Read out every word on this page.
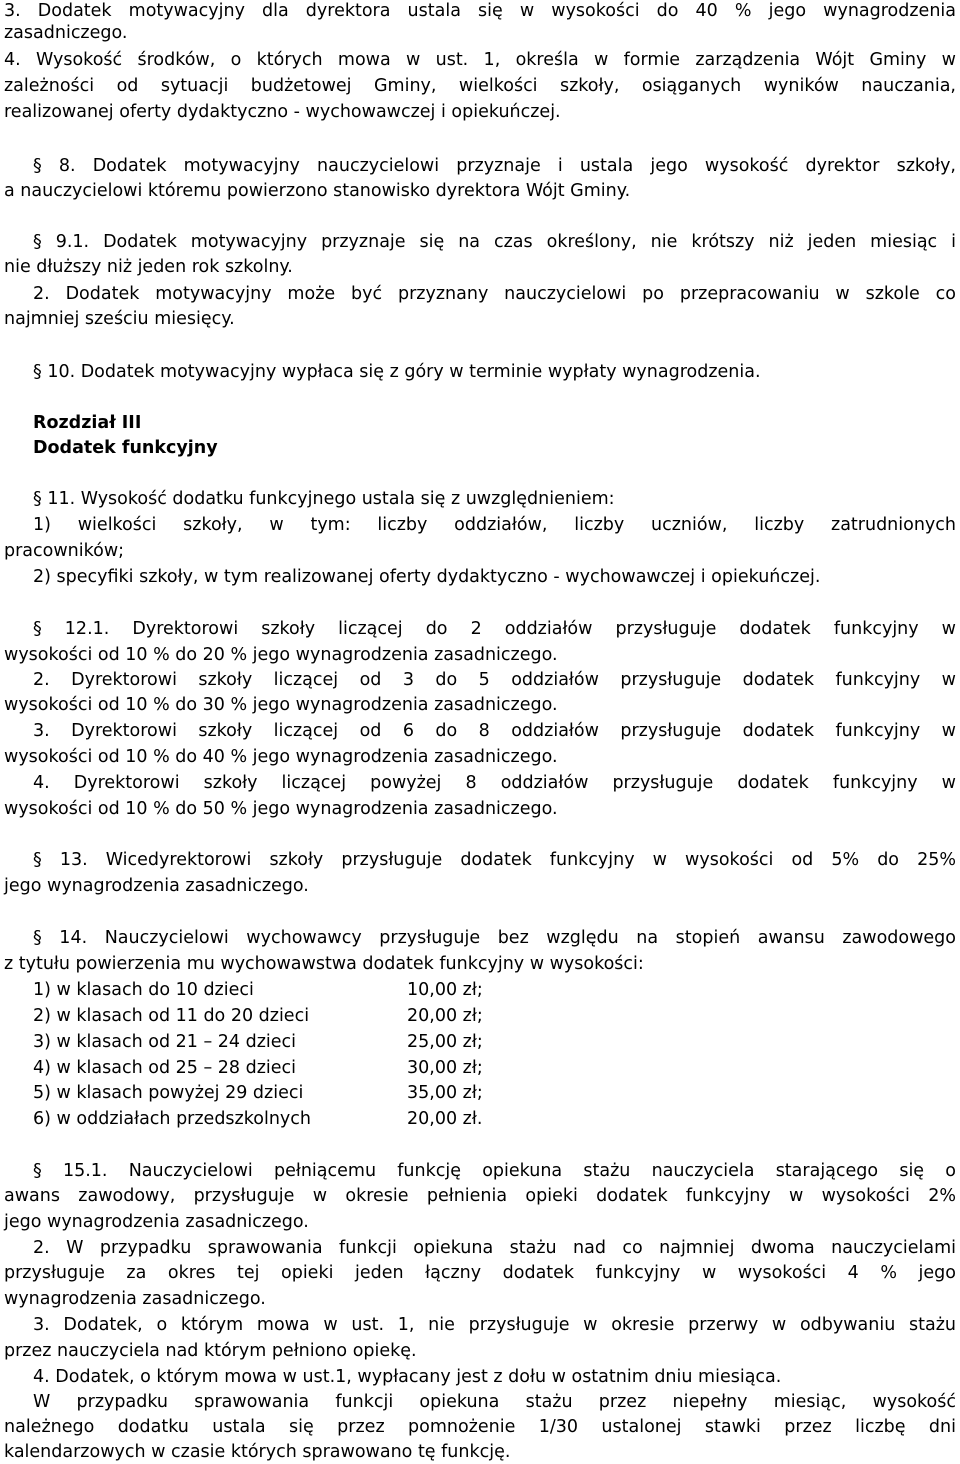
3. Dodatek motywacyjny dla dyrektora ustala się w wysokości do 40 % jego wynagrodzenia
zasadniczego.
4. Wysokość środków, o których mowa w ust. 1, określa w formie zarządzenia Wójt Gminy w
zależności od sytuacji budżetowej Gminy, wielkości szkoły, osiąganych wyników nauczania,
realizowanej oferty dydaktyczno - wychowawczej i opiekuńczej.
§ 8. Dodatek motywacyjny nauczycielowi przyznaje i ustala jego wysokość dyrektor szkoły,
a nauczycielowi któremu powierzono stanowisko dyrektora Wójt Gminy.
§ 9.1. Dodatek motywacyjny przyznaje się na czas określony, nie krótszy niż jeden miesiąc i
nie dłuższy niż jeden rok szkolny.
2. Dodatek motywacyjny może być przyznany nauczycielowi po przepracowaniu w szkole co
najmniej sześciu miesięcy.
§ 10. Dodatek motywacyjny wypłaca się z góry w terminie wypłaty wynagrodzenia.
Rozdział III
Dodatek funkcyjny
§ 11. Wysokość dodatku funkcyjnego ustala się z uwzględnieniem:
1) wielkości szkoły, w tym: liczby oddziałów, liczby uczniów, liczby zatrudnionych
pracowników;
2) specyfiki szkoły, w tym realizowanej oferty dydaktyczno - wychowawczej i opiekuńczej.
§ 12.1. Dyrektorowi szkoły liczącej do 2 oddziałów przysługuje dodatek funkcyjny w
wysokości od 10 % do 20 % jego wynagrodzenia zasadniczego.
2. Dyrektorowi szkoły liczącej od 3 do 5 oddziałów przysługuje dodatek funkcyjny w
wysokości od 10 % do 30 % jego wynagrodzenia zasadniczego.
3. Dyrektorowi szkoły liczącej od 6 do 8 oddziałów przysługuje dodatek funkcyjny w
wysokości od 10 % do 40 % jego wynagrodzenia zasadniczego.
4. Dyrektorowi szkoły liczącej powyżej 8 oddziałów przysługuje dodatek funkcyjny w
wysokości od 10 % do 50 % jego wynagrodzenia zasadniczego.
§ 13. Wicedyrektorowi szkoły przysługuje dodatek funkcyjny w wysokości od 5% do 25%
jego wynagrodzenia zasadniczego.
§ 14. Nauczycielowi wychowawcy przysługuje bez względu na stopień awansu zawodowego
z tytułu powierzenia mu wychowawstwa dodatek funkcyjny w wysokości:
1) w klasach do 10 dzieci	10,00 zł;
2) w klasach od 11 do 20 dzieci	20,00 zł;
3) w klasach od 21 – 24 dzieci	25,00 zł;
4) w klasach od 25 – 28 dzieci	30,00 zł;
5) w klasach powyżej 29 dzieci	35,00 zł;
6) w oddziałach przedszkolnych	20,00 zł.
§ 15.1. Nauczycielowi pełniącemu funkcję opiekuna stażu nauczyciela starającego się o
awans zawodowy, przysługuje w okresie pełnienia opieki dodatek funkcyjny w wysokości 2%
jego wynagrodzenia zasadniczego.
2. W przypadku sprawowania funkcji opiekuna stażu nad co najmniej dwoma nauczycielami
przysługuje za okres tej opieki jeden łączny dodatek funkcyjny w wysokości 4 % jego
wynagrodzenia zasadniczego.
3. Dodatek, o którym mowa w ust. 1, nie przysługuje w okresie przerwy w odbywaniu stażu
przez nauczyciela nad którym pełniono opiekę.
4. Dodatek, o którym mowa w ust.1, wypłacany jest z dołu w ostatnim dniu miesiąca.
W przypadku sprawowania funkcji opiekuna stażu przez niepełny miesiąc, wysokość
należnego dodatku ustala się przez pomnożenie 1/30 ustalonej stawki przez liczbę dni
kalendarzowych w czasie których sprawowano tę funkcję.
